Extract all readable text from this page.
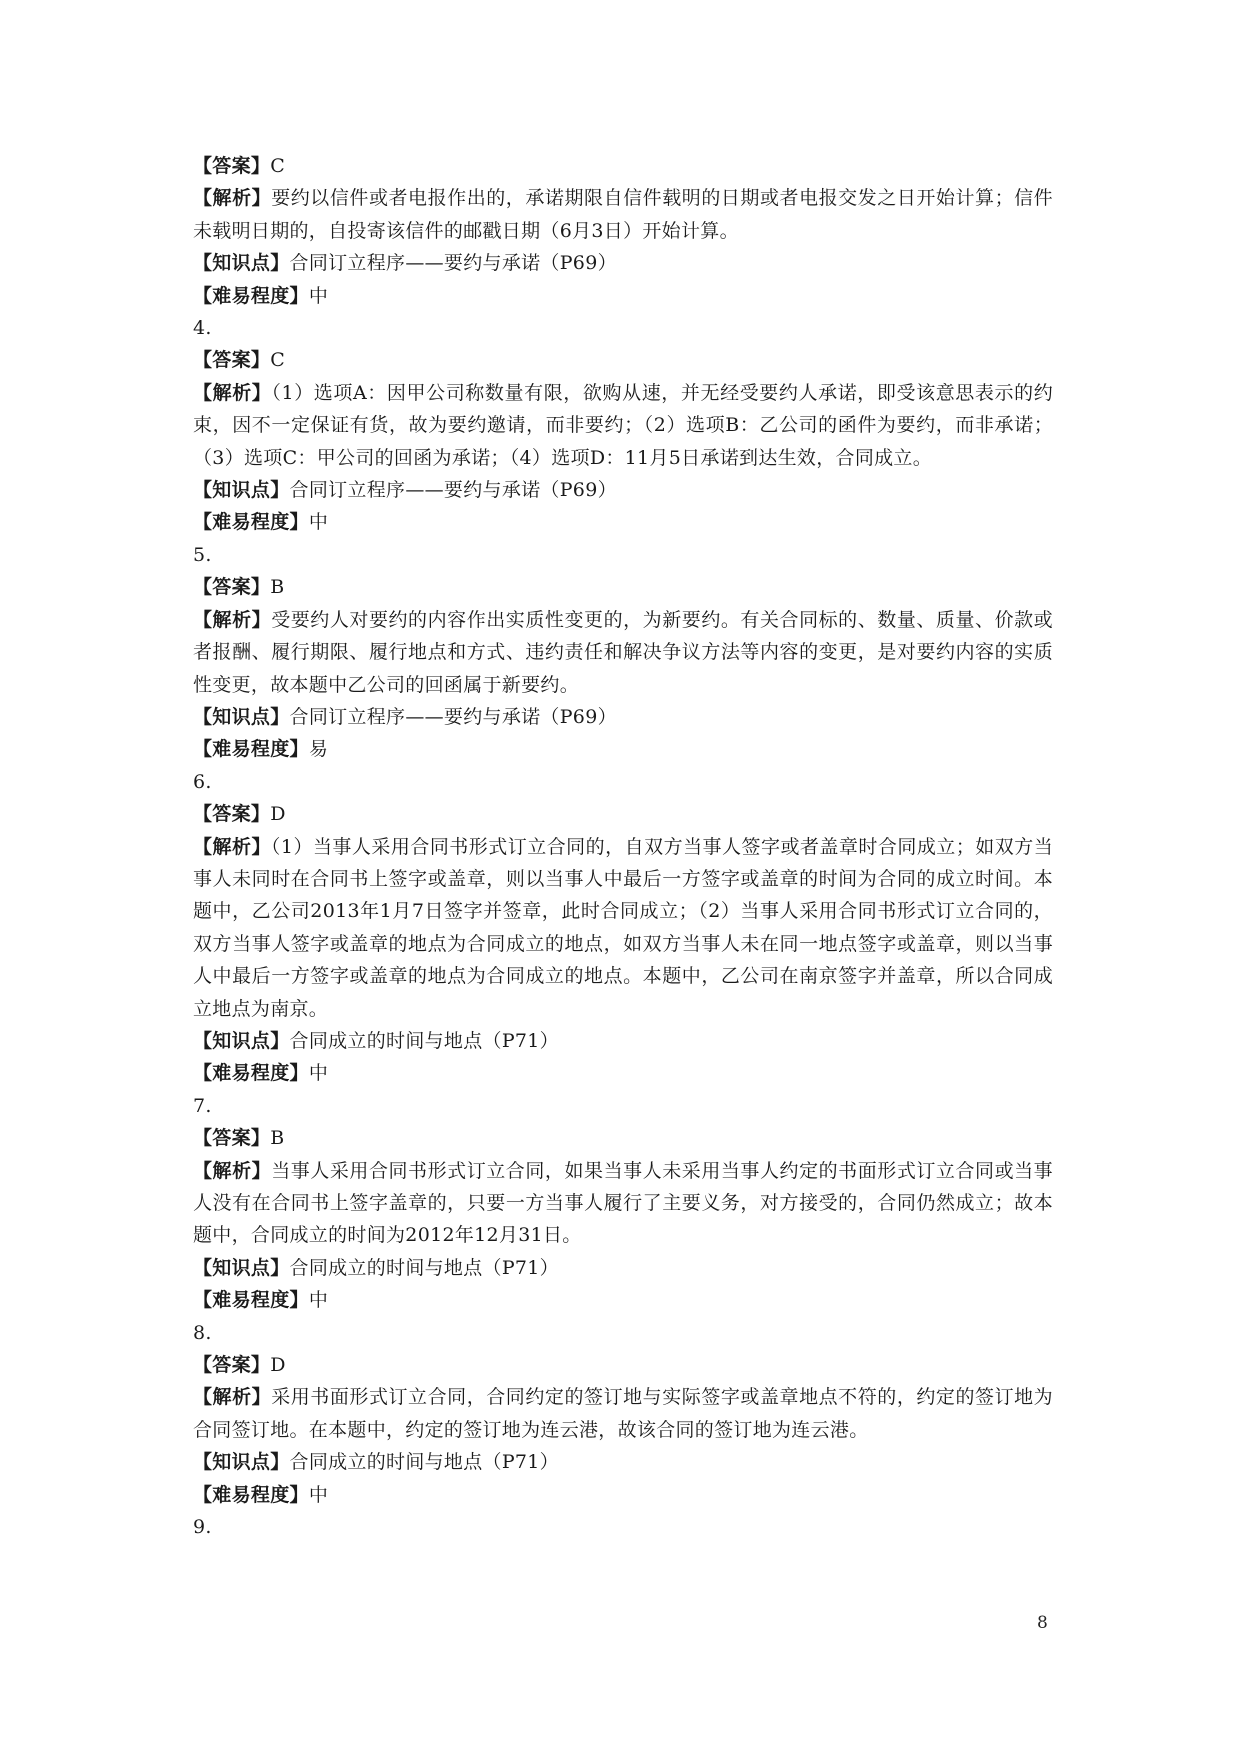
【答案】C
【解析】要约以信件或者电报作出的，承诺期限自信件载明的日期或者电报交发之日开始计算；信件未载明日期的，自投寄该信件的邮戳日期（6月3日）开始计算。
【知识点】合同订立程序——要约与承诺（P69）
【难易程度】中
4.
【答案】C
【解析】（1）选项A：因甲公司称数量有限，欲购从速，并无经受要约人承诺，即受该意思表示的约束，因不一定保证有货，故为要约邀请，而非要约；（2）选项B：乙公司的函件为要约，而非承诺；（3）选项C：甲公司的回函为承诺；（4）选项D：11月5日承诺到达生效，合同成立。
【知识点】合同订立程序——要约与承诺（P69）
【难易程度】中
5.
【答案】B
【解析】受要约人对要约的内容作出实质性变更的，为新要约。有关合同标的、数量、质量、价款或者报酬、履行期限、履行地点和方式、违约责任和解决争议方法等内容的变更，是对要约内容的实质性变更，故本题中乙公司的回函属于新要约。
【知识点】合同订立程序——要约与承诺（P69）
【难易程度】易
6.
【答案】D
【解析】（1）当事人采用合同书形式订立合同的，自双方当事人签字或者盖章时合同成立；如双方当事人未同时在合同书上签字或盖章，则以当事人中最后一方签字或盖章的时间为合同的成立时间。本题中，乙公司2013年1月7日签字并签章，此时合同成立；（2）当事人采用合同书形式订立合同的，双方当事人签字或盖章的地点为合同成立的地点，如双方当事人未在同一地点签字或盖章，则以当事人中最后一方签字或盖章的地点为合同成立的地点。本题中，乙公司在南京签字并盖章，所以合同成立地点为南京。
【知识点】合同成立的时间与地点（P71）
【难易程度】中
7.
【答案】B
【解析】当事人采用合同书形式订立合同，如果当事人未采用当事人约定的书面形式订立合同或当事人没有在合同书上签字盖章的，只要一方当事人履行了主要义务，对方接受的，合同仍然成立；故本题中，合同成立的时间为2012年12月31日。
【知识点】合同成立的时间与地点（P71）
【难易程度】中
8.
【答案】D
【解析】采用书面形式订立合同，合同约定的签订地与实际签字或盖章地点不符的，约定的签订地为合同签订地。在本题中，约定的签订地为连云港，故该合同的签订地为连云港。
【知识点】合同成立的时间与地点（P71）
【难易程度】中
9.
8
